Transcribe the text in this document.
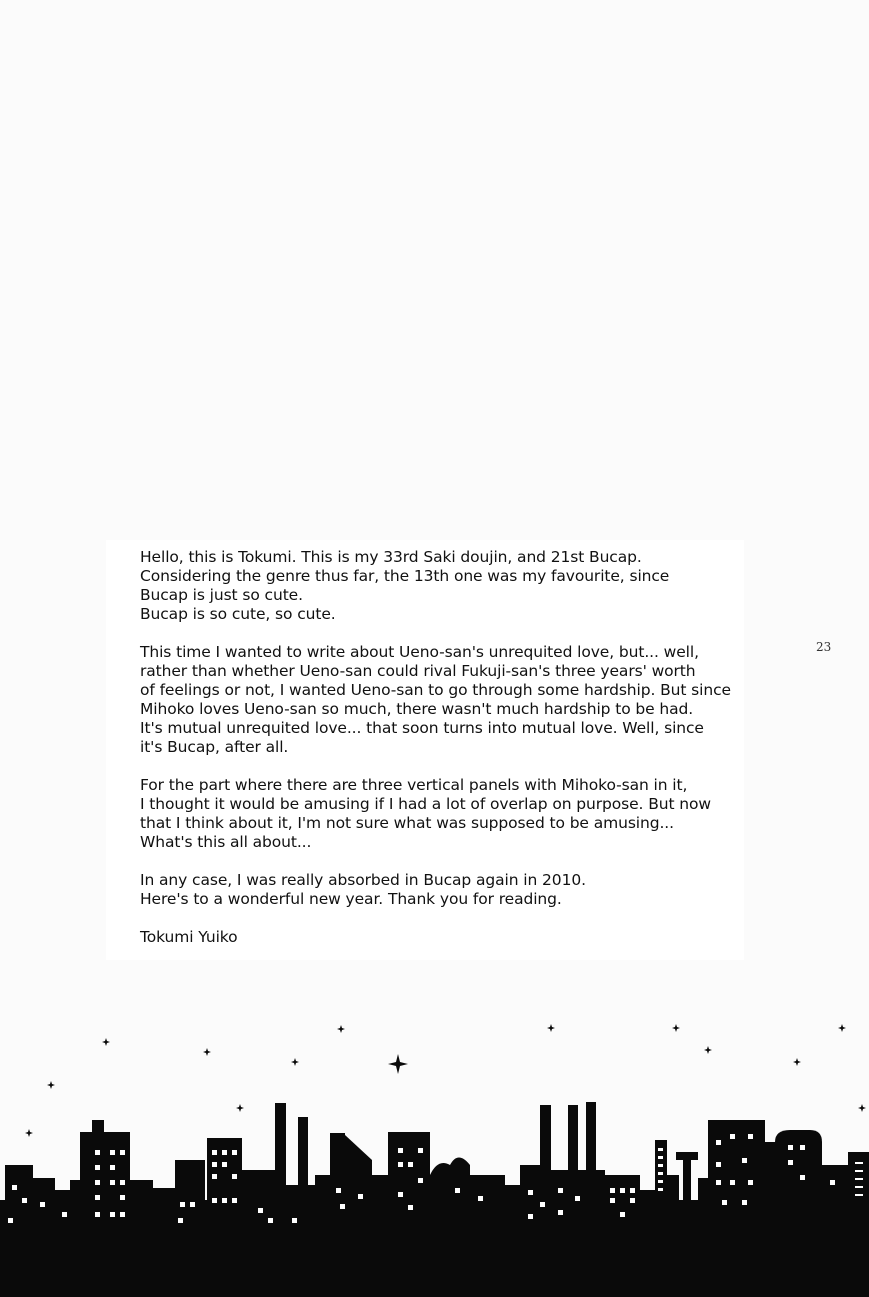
23

Hello, this is Tokumi. This is my 33rd Saki doujin, and 21st Bucap.
Considering the genre thus far, the 13th one was my favourite, since
Bucap is just so cute.
Bucap is so cute, so cute.

This time I wanted to write about Ueno-san's unrequited love, but... well,
rather than whether Ueno-san could rival Fukuji-san's three years' worth
of feelings or not, I wanted Ueno-san to go through some hardship. But since
Mihoko loves Ueno-san so much, there wasn't much hardship to be had.
It's mutual unrequited love... that soon turns into mutual love. Well, since
it's Bucap, after all.

For the part where there are three vertical panels with Mihoko-san in it,
I thought it would be amusing if I had a lot of overlap on purpose. But now
that I think about it, I'm not sure what was supposed to be amusing...
What's this all about...

In any case, I was really absorbed in Bucap again in 2010.
Here's to a wonderful new year. Thank you for reading.

Tokumi Yuiko
